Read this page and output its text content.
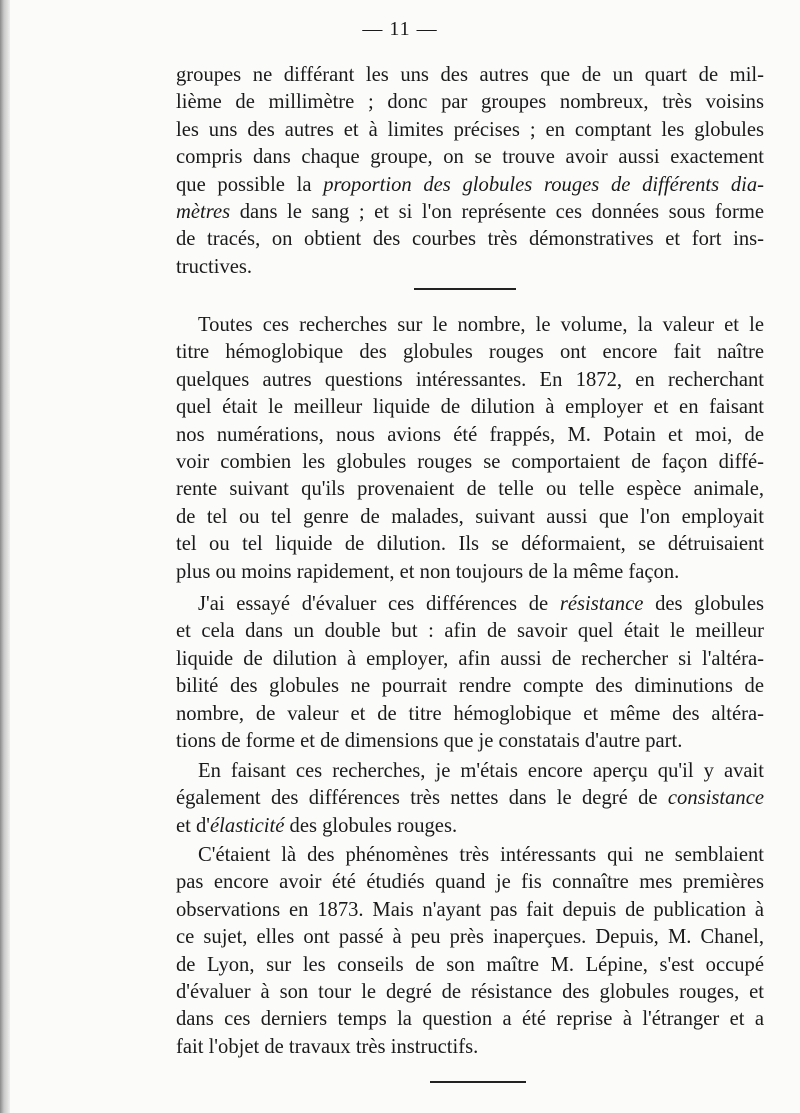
— 11 —

groupes ne différant les uns des autres que de un quart de mil-
lième de millimètre ; donc par groupes nombreux, très voisins
les uns des autres et à limites précises ; en comptant les globules
compris dans chaque groupe, on se trouve avoir aussi exactement
que possible la proportion des globules rouges de différents dia-
mètres dans le sang ; et si l'on représente ces données sous forme
de tracés, on obtient des courbes très démonstratives et fort ins-
tructives.

Toutes ces recherches sur le nombre, le volume, la valeur et le
titre hémoglobique des globules rouges ont encore fait naître
quelques autres questions intéressantes. En 1872, en recherchant
quel était le meilleur liquide de dilution à employer et en faisant
nos numérations, nous avions été frappés, M. Potain et moi, de
voir combien les globules rouges se comportaient de façon diffé-
rente suivant qu'ils provenaient de telle ou telle espèce animale,
de tel ou tel genre de malades, suivant aussi que l'on employait
tel ou tel liquide de dilution. Ils se déformaient, se détruisaient
plus ou moins rapidement, et non toujours de la même façon.

J'ai essayé d'évaluer ces différences de résistance des globules
et cela dans un double but : afin de savoir quel était le meilleur
liquide de dilution à employer, afin aussi de rechercher si l'altéra-
bilité des globules ne pourrait rendre compte des diminutions de
nombre, de valeur et de titre hémoglobique et même des altéra-
tions de forme et de dimensions que je constatais d'autre part.

En faisant ces recherches, je m'étais encore aperçu qu'il y avait
également des différences très nettes dans le degré de consistance
et d'élasticité des globules rouges.

C'étaient là des phénomènes très intéressants qui ne semblaient
pas encore avoir été étudiés quand je fis connaître mes premières
observations en 1873. Mais n'ayant pas fait depuis de publication à
ce sujet, elles ont passé à peu près inaperçues. Depuis, M. Chanel,
de Lyon, sur les conseils de son maître M. Lépine, s'est occupé
d'évaluer à son tour le degré de résistance des globules rouges, et
dans ces derniers temps la question a été reprise à l'étranger et a
fait l'objet de travaux très instructifs.
